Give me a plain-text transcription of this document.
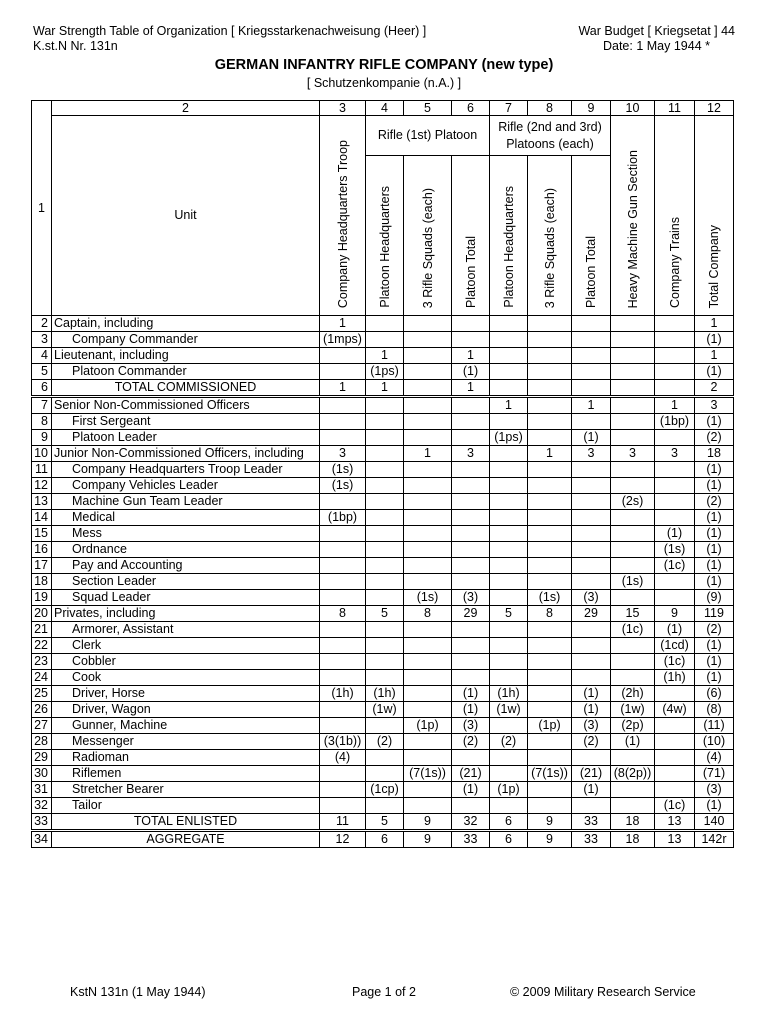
War Strength Table of Organization [ Kriegsstarkenachweisung (Heer) ]
K.st.N Nr. 131n
War Budget [ Kriegsetat ] 44
Date: 1 May 1944 *
GERMAN INFANTRY RIFLE COMPANY (new type)
[ Schutzenkompanie (n.A.) ]
1	2	3	4	5	6	7	8	9	10	11	12
	Unit	Company Headquarters Troop	Rifle (1st) Platoon			Rifle (2nd and 3rd) Platoons (each)			Heavy Machine Gun Section	Company Trains	Total Company
			Platoon Headquarters	3 Rifle Squads (each)	Platoon Total	Platoon Headquarters	3 Rifle Squads (each)	Platoon Total			
2	Captain, including	1									1
3	Company Commander	(1mps)									(1)
4	Lieutenant, including		1		1						1
5	Platoon Commander		(1ps)		(1)						(1)
6	TOTAL COMMISSIONED	1	1		1						2
7	Senior Non-Commissioned Officers					1		1		1	3
8	First Sergeant									(1bp)	(1)
9	Platoon Leader					(1ps)		(1)			(2)
10	Junior Non-Commissioned Officers, including	3		1	3		1	3	3	3	18
11	Company Headquarters Troop Leader	(1s)									(1)
12	Company Vehicles Leader	(1s)									(1)
13	Machine Gun Team Leader								(2s)		(2)
14	Medical	(1bp)									(1)
15	Mess									(1)	(1)
16	Ordnance									(1s)	(1)
17	Pay and Accounting									(1c)	(1)
18	Section Leader								(1s)		(1)
19	Squad Leader			(1s)	(3)		(1s)	(3)			(9)
20	Privates, including	8	5	8	29	5	8	29	15	9	119
21	Armorer, Assistant								(1c)	(1)	(2)
22	Clerk									(1cd)	(1)
23	Cobbler									(1c)	(1)
24	Cook									(1h)	(1)
25	Driver, Horse	(1h)	(1h)		(1)	(1h)		(1)	(2h)		(6)
26	Driver, Wagon		(1w)		(1)	(1w)		(1)	(1w)	(4w)	(8)
27	Gunner, Machine			(1p)	(3)		(1p)	(3)	(2p)		(11)
28	Messenger	(3(1b))	(2)		(2)	(2)		(2)	(1)		(10)
29	Radioman	(4)									(4)
30	Riflemen			(7(1s))	(21)		(7(1s))	(21)	(8(2p))		(71)
31	Stretcher Bearer		(1cp)		(1)	(1p)		(1)			(3)
32	Tailor									(1c)	(1)
33	TOTAL ENLISTED	11	5	9	32	6	9	33	18	13	140
34	AGGREGATE	12	6	9	33	6	9	33	18	13	142r
KstN 131n (1 May 1944)	Page 1 of 2	© 2009 Military Research Service
